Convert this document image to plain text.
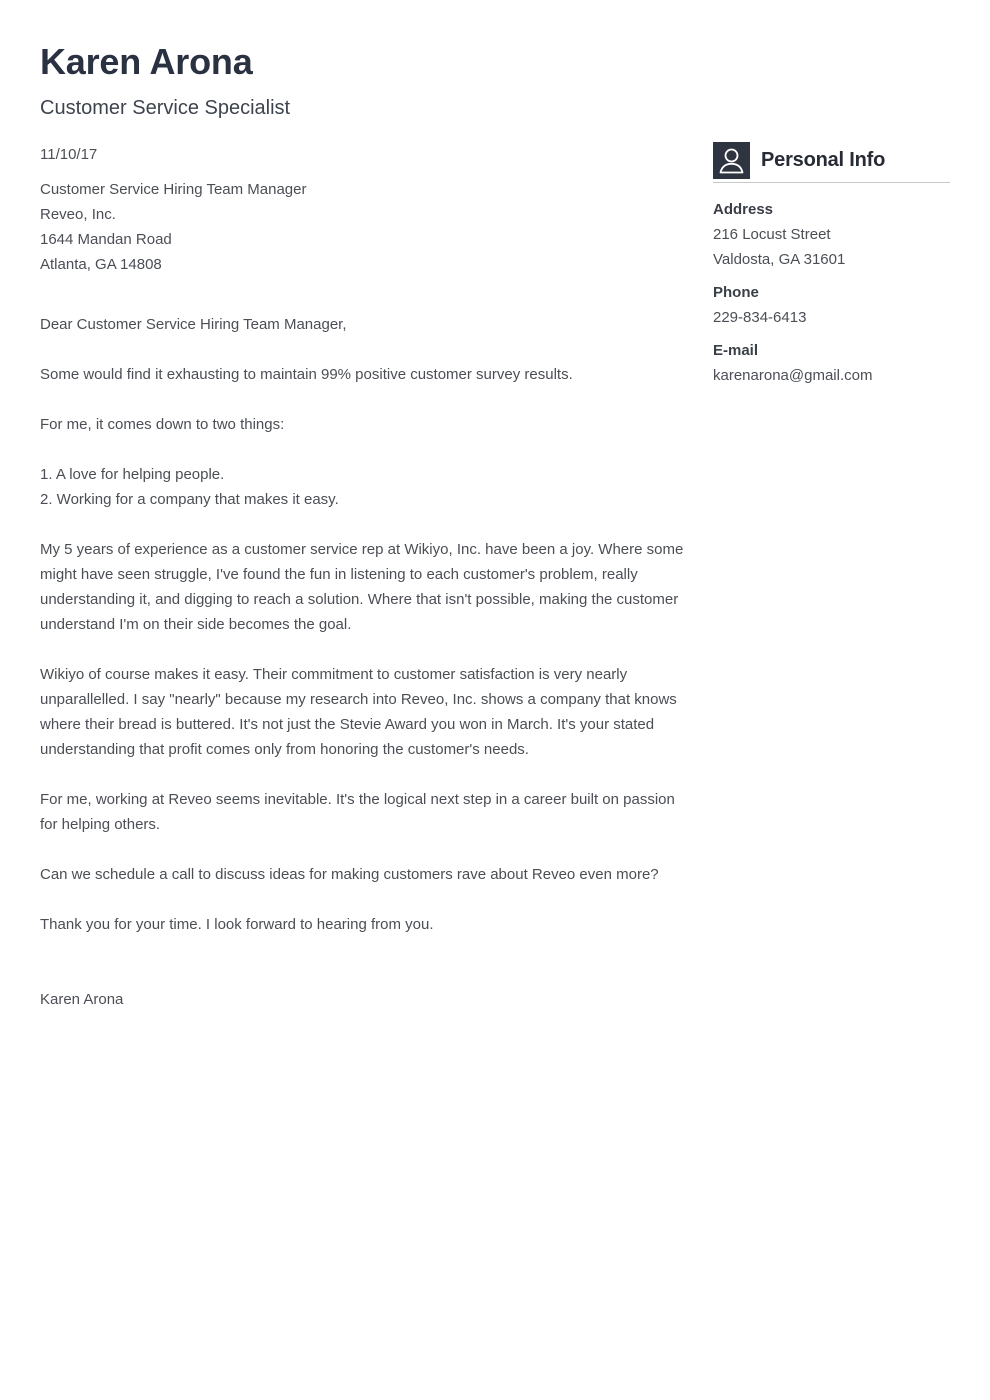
Karen Arona
Customer Service Specialist

11/10/17

Customer Service Hiring Team Manager
Reveo, Inc.
1644 Mandan Road
Atlanta, GA 14808

Dear Customer Service Hiring Team Manager,

Some would find it exhausting to maintain 99% positive customer survey results.

For me, it comes down to two things:

1. A love for helping people.
2. Working for a company that makes it easy.

My 5 years of experience as a customer service rep at Wikiyo, Inc. have been a joy. Where some might have seen struggle, I've found the fun in listening to each customer's problem, really understanding it, and digging to reach a solution. Where that isn't possible, making the customer understand I'm on their side becomes the goal.

Wikiyo of course makes it easy. Their commitment to customer satisfaction is very nearly unparallelled. I say "nearly" because my research into Reveo, Inc. shows a company that knows where their bread is buttered. It's not just the Stevie Award you won in March. It's your stated understanding that profit comes only from honoring the customer's needs.

For me, working at Reveo seems inevitable. It's the logical next step in a career built on passion for helping others.

Can we schedule a call to discuss ideas for making customers rave about Reveo even more?

Thank you for your time. I look forward to hearing from you.

Karen Arona

Personal Info
Address
216 Locust Street
Valdosta, GA 31601
Phone
229-834-6413
E-mail
karenarona@gmail.com
